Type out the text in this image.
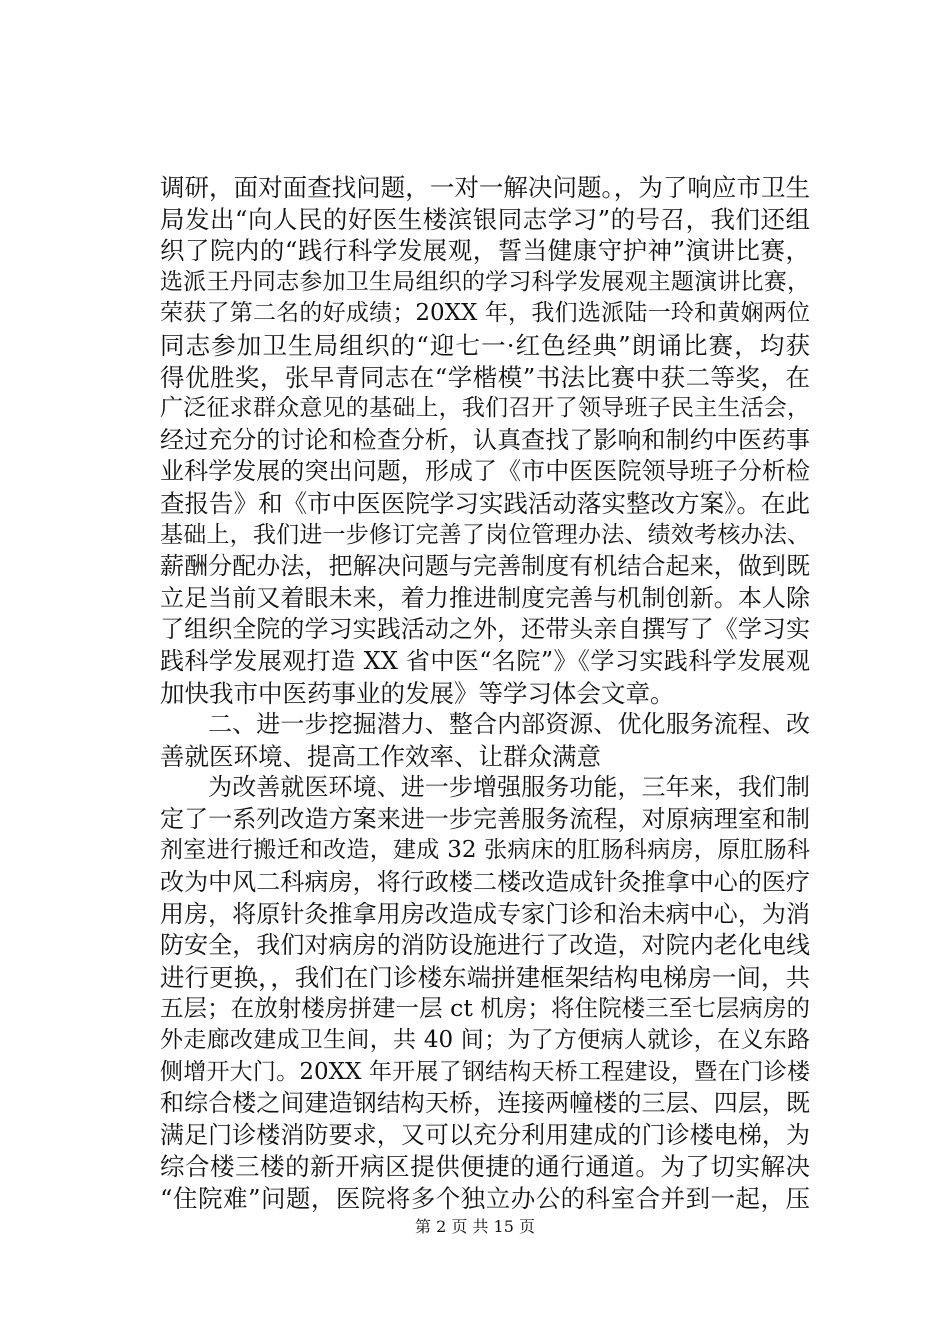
调研，面对面查找问题，一对一解决问题。，为了响应市卫生
局发出“向人民的好医生楼滨银同志学习”的号召，我们还组
织了院内的“践行科学发展观，誓当健康守护神”演讲比赛，
选派王丹同志参加卫生局组织的学习科学发展观主题演讲比赛，
荣获了第二名的好成绩；20XX 年，我们选派陆一玲和黄娴两位
同志参加卫生局组织的“迎七一·红色经典”朗诵比赛，均获
得优胜奖，张早青同志在“学楷模”书法比赛中获二等奖，在
广泛征求群众意见的基础上，我们召开了领导班子民主生活会，
经过充分的讨论和检查分析，认真查找了影响和制约中医药事
业科学发展的突出问题，形成了《市中医医院领导班子分析检
查报告》和《市中医医院学习实践活动落实整改方案》。在此
基础上，我们进一步修订完善了岗位管理办法、绩效考核办法、
薪酬分配办法，把解决问题与完善制度有机结合起来，做到既
立足当前又着眼未来，着力推进制度完善与机制创新。本人除
了组织全院的学习实践活动之外，还带头亲自撰写了《学习实
践科学发展观打造 XX 省中医“名院”》《学习实践科学发展观
加快我市中医药事业的发展》等学习体会文章。
　　二、进一步挖掘潜力、整合内部资源、优化服务流程、改
善就医环境、提高工作效率、让群众满意
　　为改善就医环境、进一步增强服务功能，三年来，我们制
定了一系列改造方案来进一步完善服务流程，对原病理室和制
剂室进行搬迁和改造，建成 32 张病床的肛肠科病房，原肛肠科
改为中风二科病房，将行政楼二楼改造成针灸推拿中心的医疗
用房，将原针灸推拿用房改造成专家门诊和治未病中心，为消
防安全，我们对病房的消防设施进行了改造，对院内老化电线
进行更换，，我们在门诊楼东端拼建框架结构电梯房一间，共
五层；在放射楼房拼建一层 ct 机房；将住院楼三至七层病房的
外走廊改建成卫生间，共 40 间；为了方便病人就诊，在义东路
侧增开大门。20XX 年开展了钢结构天桥工程建设，暨在门诊楼
和综合楼之间建造钢结构天桥，连接两幢楼的三层、四层，既
满足门诊楼消防要求，又可以充分利用建成的门诊楼电梯，为
综合楼三楼的新开病区提供便捷的通行通道。为了切实解决
“住院难”问题，医院将多个独立办公的科室合并到一起，压
第 2 页 共 15 页
